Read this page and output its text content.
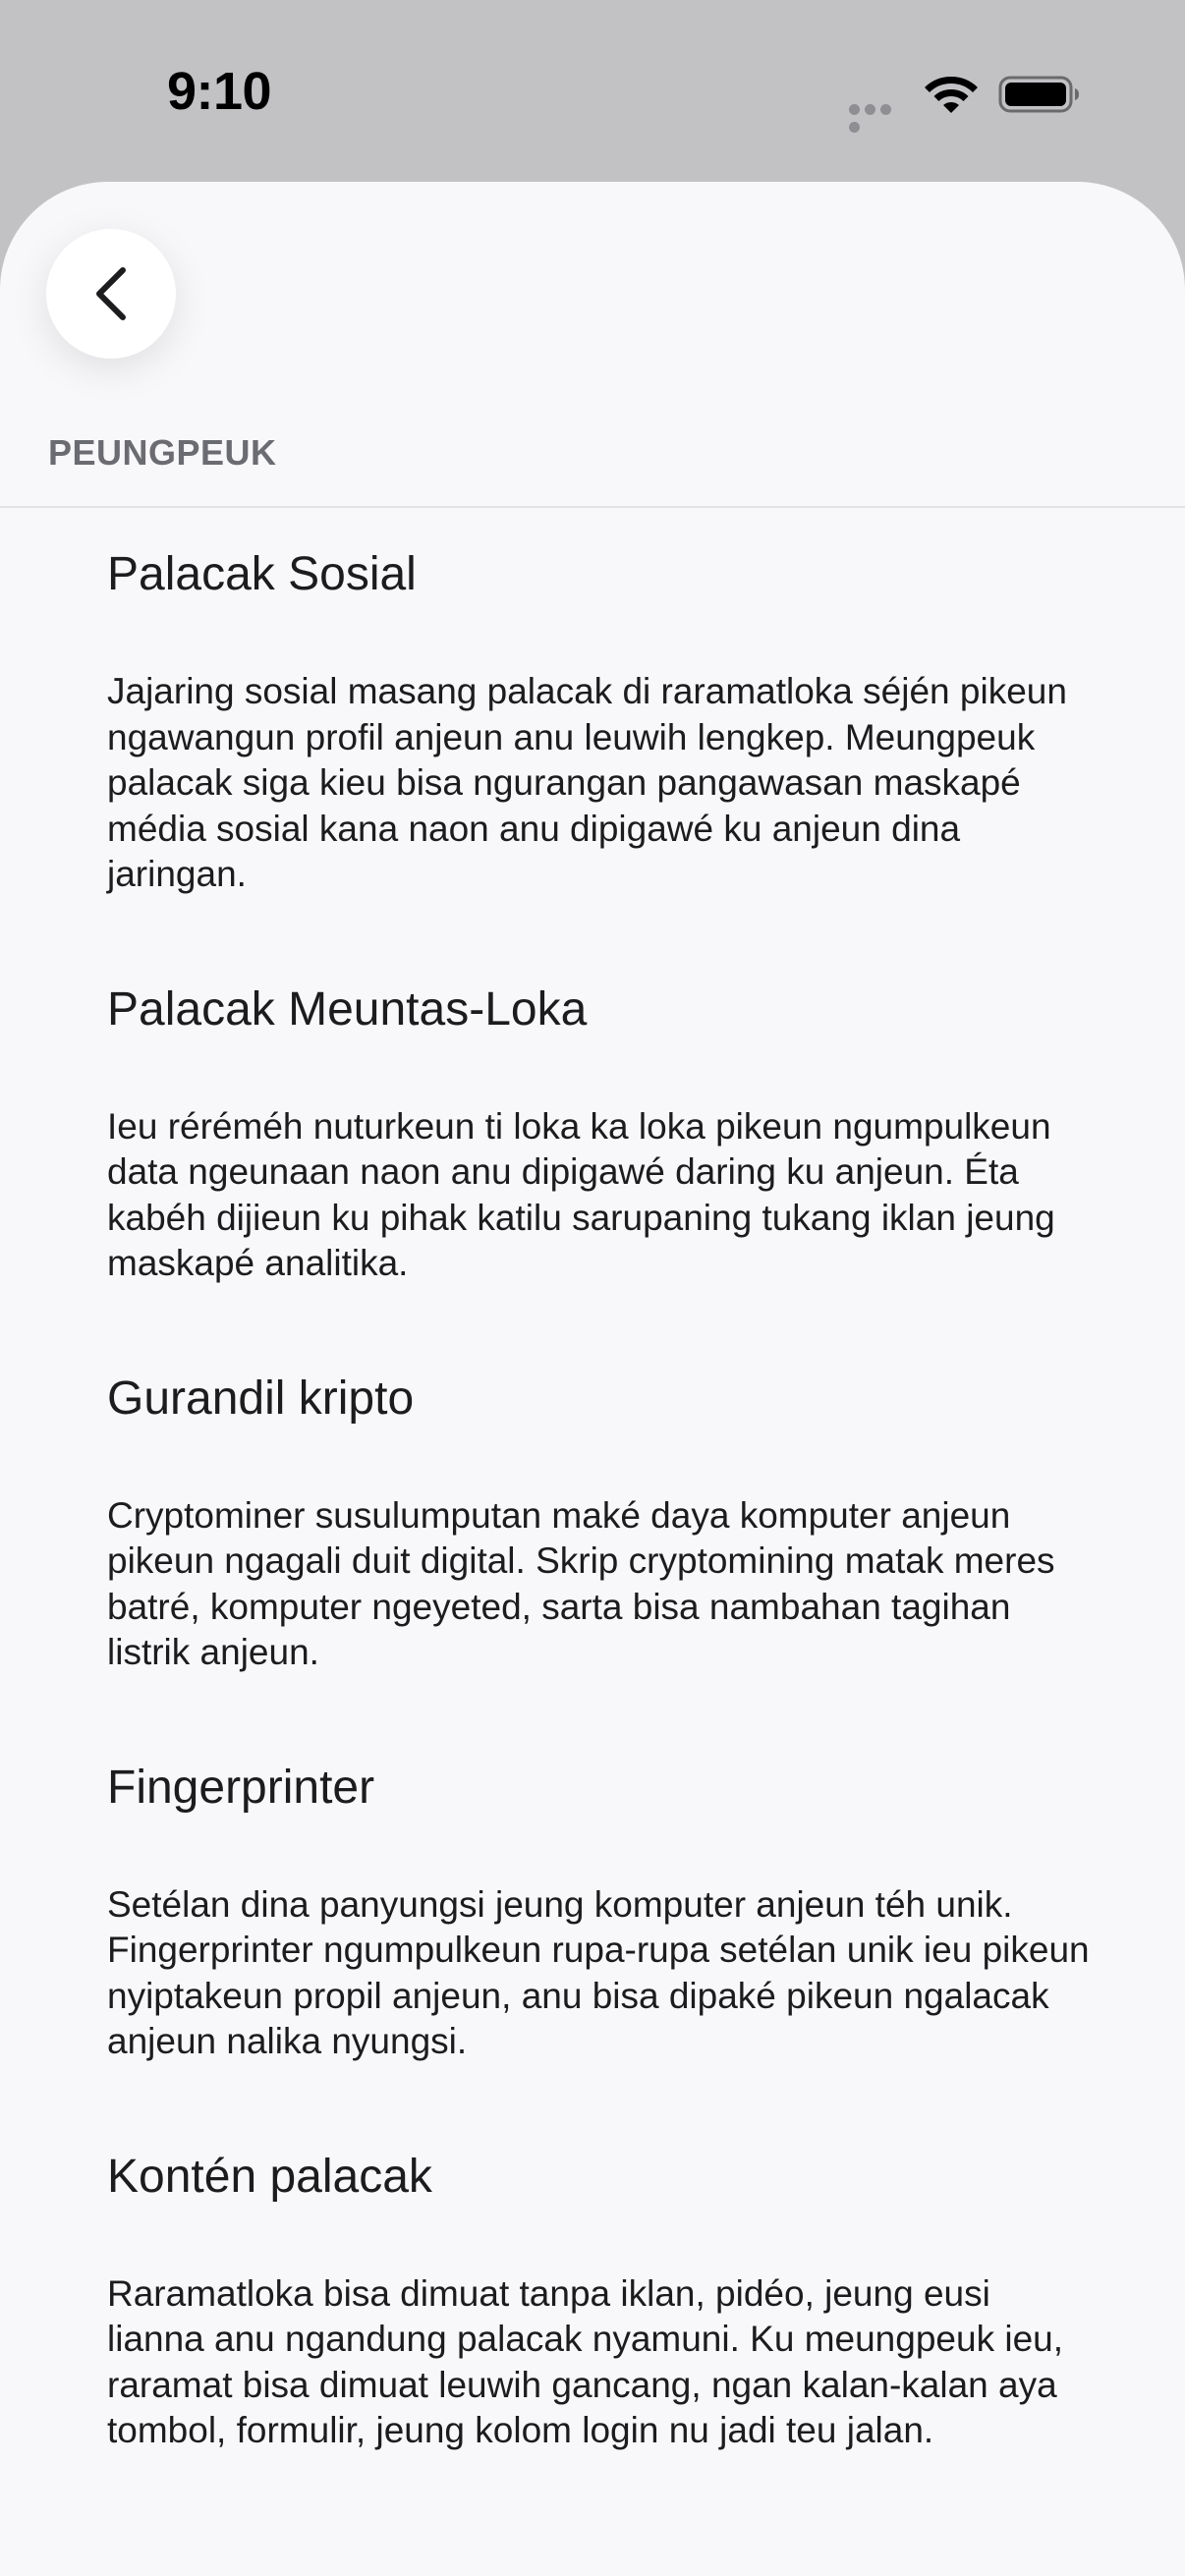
9:10
PEUNGPEUK
Palacak Sosial

Jajaring sosial masang palacak di raramatloka séjén pikeun ngawangun profil anjeun anu leuwih lengkep. Meungpeuk palacak siga kieu bisa ngurangan pangawasan maskapé média sosial kana naon anu dipigawé ku anjeun dina jaringan.

Palacak Meuntas-Loka

Ieu réréméh nuturkeun ti loka ka loka pikeun ngumpulkeun data ngeunaan naon anu dipigawé daring ku anjeun. Éta kabéh dijieun ku pihak katilu sarupaning tukang iklan jeung maskapé analitika.

Gurandil kripto

Cryptominer susulumputan maké daya komputer anjeun pikeun ngagali duit digital. Skrip cryptomining matak meres batré, komputer ngeyeted, sarta bisa nambahan tagihan listrik anjeun.

Fingerprinter

Setélan dina panyungsi jeung komputer anjeun téh unik. Fingerprinter ngumpulkeun rupa-rupa setélan unik ieu pikeun nyiptakeun propil anjeun, anu bisa dipaké pikeun ngalacak anjeun nalika nyungsi.

Kontén palacak

Raramatloka bisa dimuat tanpa iklan, pidéo, jeung eusi lianna anu ngandung palacak nyamuni. Ku meungpeuk ieu, raramat bisa dimuat leuwih gancang, ngan kalan-kalan aya tombol, formulir, jeung kolom login nu jadi teu jalan.
